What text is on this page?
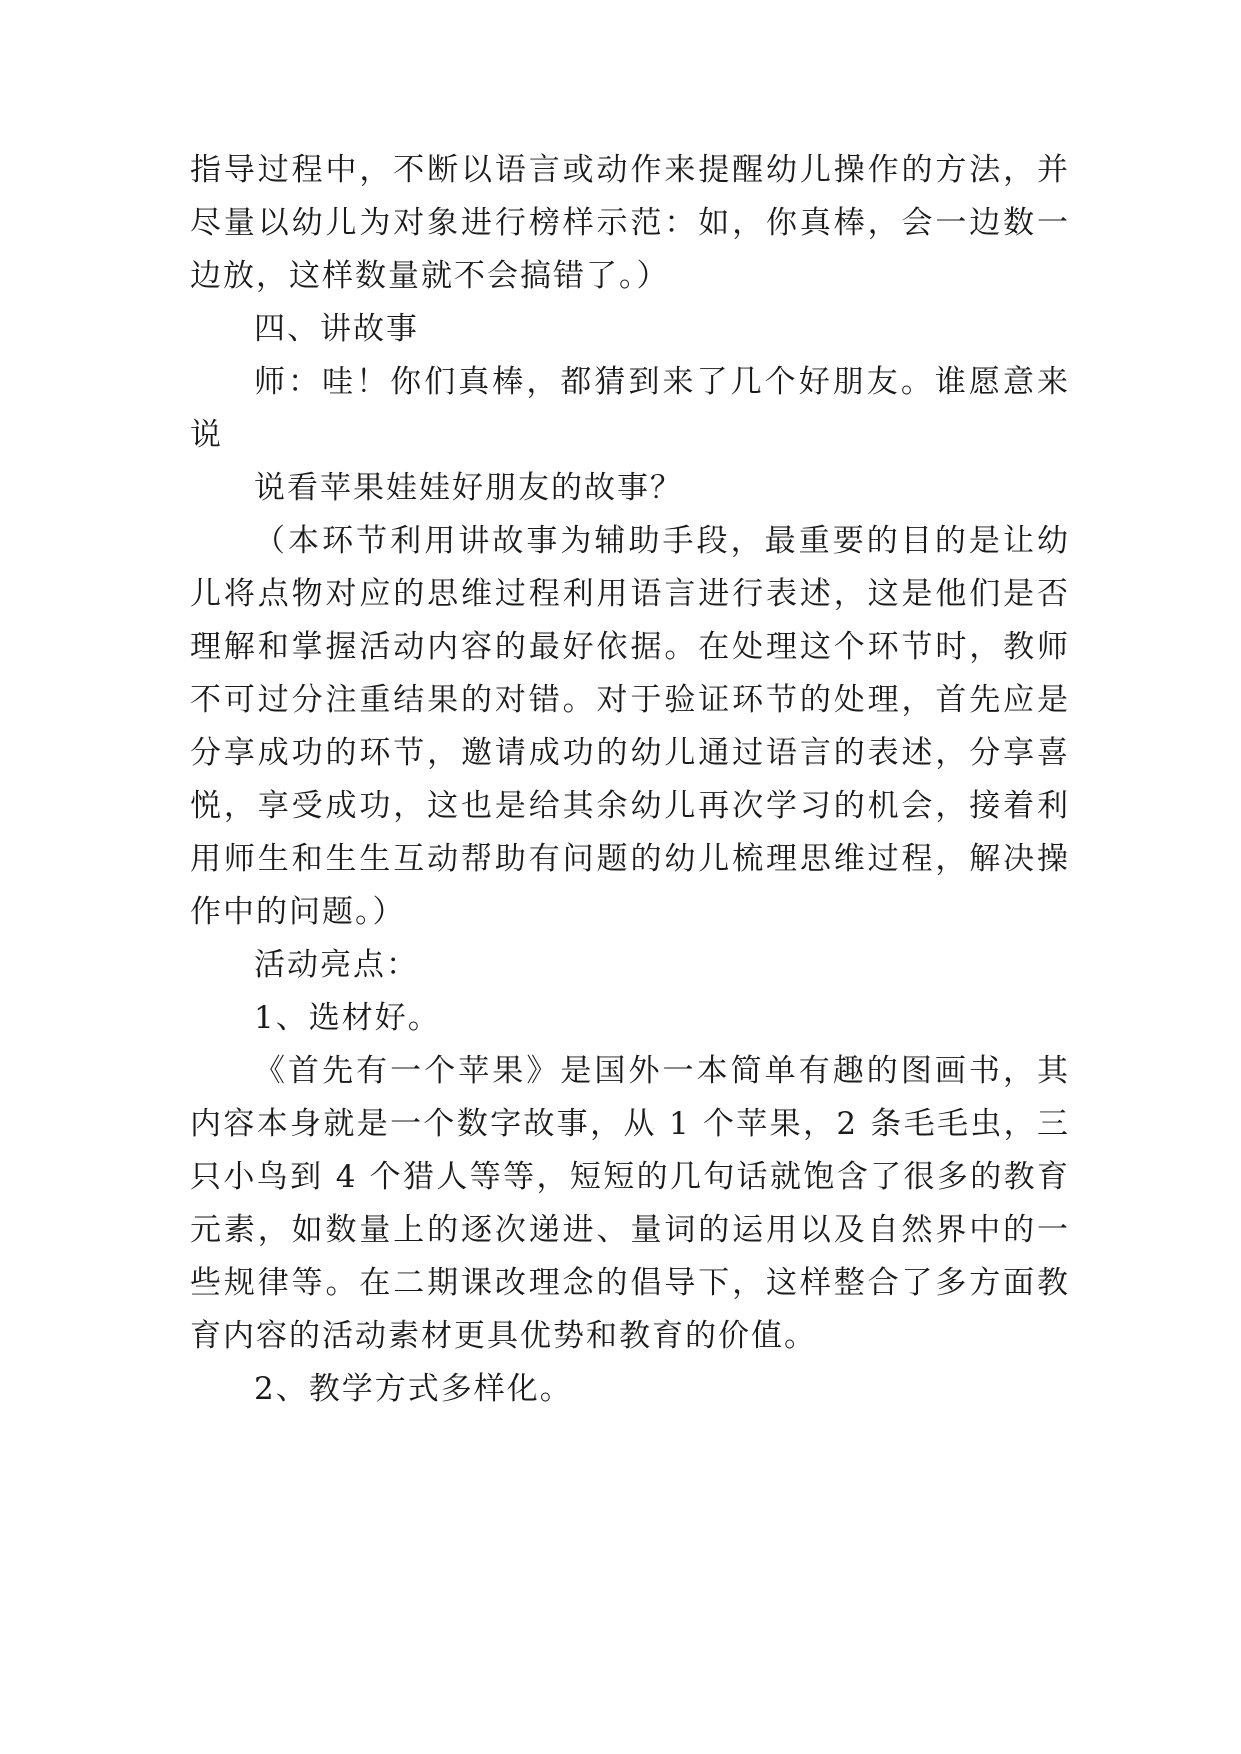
指导过程中，不断以语言或动作来提醒幼儿操作的方法，并
尽量以幼儿为对象进行榜样示范：如，你真棒，会一边数一
边放，这样数量就不会搞错了。）
四、讲故事
师：哇！你们真棒，都猜到来了几个好朋友。谁愿意来
说
说看苹果娃娃好朋友的故事？
（本环节利用讲故事为辅助手段，最重要的目的是让幼
儿将点物对应的思维过程利用语言进行表述，这是他们是否
理解和掌握活动内容的最好依据。在处理这个环节时，教师
不可过分注重结果的对错。对于验证环节的处理，首先应是
分享成功的环节，邀请成功的幼儿通过语言的表述，分享喜
悦，享受成功，这也是给其余幼儿再次学习的机会，接着利
用师生和生生互动帮助有问题的幼儿梳理思维过程，解决操
作中的问题。）
活动亮点：
1、选材好。
《首先有一个苹果》是国外一本简单有趣的图画书，其
内容本身就是一个数字故事，从 1 个苹果，2 条毛毛虫，三
只小鸟到 4 个猎人等等，短短的几句话就饱含了很多的教育
元素，如数量上的逐次递进、量词的运用以及自然界中的一
些规律等。在二期课改理念的倡导下，这样整合了多方面教
育内容的活动素材更具优势和教育的价值。
2、教学方式多样化。
